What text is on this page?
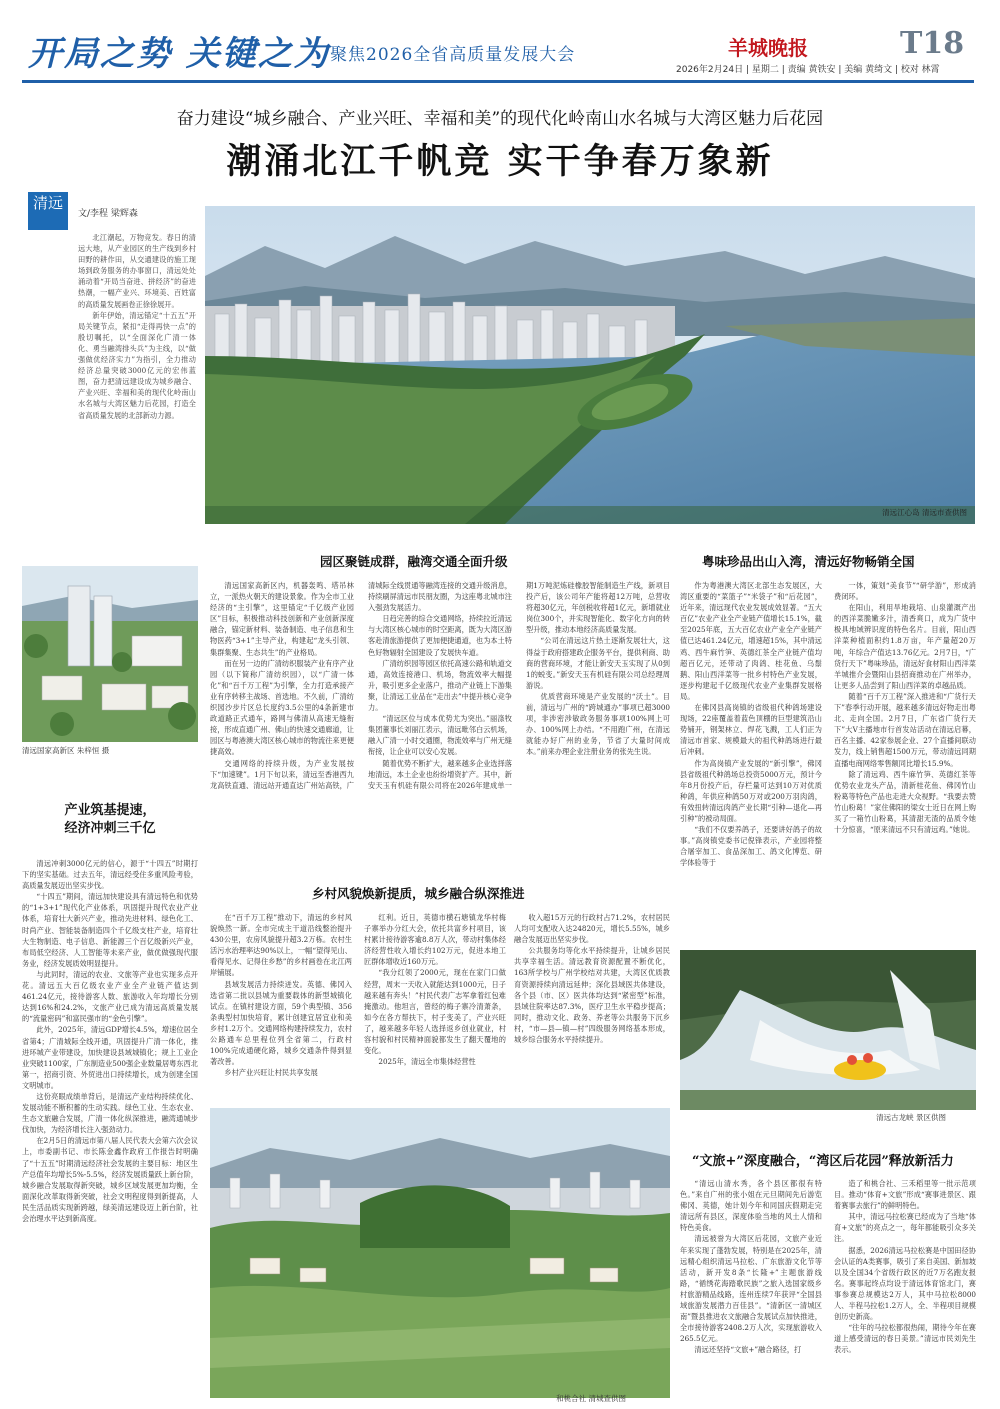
开局之势 关键之为 聚焦2026全省高质量发展大会	羊城晚报	T18
2026年2月24日 | 星期二 | 责编 黄铁安 | 美编 黄绮文 | 校对 林霄
奋力建设“城乡融合、产业兴旺、幸福和美”的现代化岭南山水名城与大湾区魅力后花园
潮涌北江千帆竞 实干争春万象新
清远
文/李程 梁辉森

北江潮起，万物竞发。春日的清远大地，从产业园区的生产线到乡村田野的耕作田，从交通建设的施工现场到政务服务的办事窗口，清远处处涌动着“开局当奋进、拼经济”的奋进热潮，一幅产业兴、环境美、百姓富的高质量发展画卷正徐徐展开。

新年伊始，清远锚定“十五五”开局关键节点，紧扣“走得再快一点”的殷切嘱托，以“全面深化广清一体化、勇当融湾排头兵”为主线，以“做强做优经济实力”为指引，全力推动经济总量突破3000亿元的宏伟蓝图，奋力把清远建设成为城乡融合、产业兴旺、幸福和美的现代化岭南山水名城与大湾区魅力后花园，打造全省高质量发展的北部新动力源。

清远江心岛 清远市查供图
园区聚链成群，融湾交通全面升级	粤味珍品出山入湾，清远好物畅销全国
清远国家高新区 朱梓恒 摄
产业筑基提速，
经济冲刺三千亿

清远冲刺3000亿元的信心，源于“十四五”时期打下的坚实基础。过去五年，清远经受住多重风险考验，高质量发展迈出坚实步伐。

“十四五”期间，清远加快建设具有清远特色和优势的“1+3+1”现代化产业体系，巩固提升现代农业产业体系，培育壮大新兴产业，推动先进材料、绿色化工、时尚产业、智能装备制造四个千亿级支柱产业，培育壮大生物制造、电子信息、新能源三个百亿级新兴产业，布局低空经济、人工智能等未来产业，做优做强现代服务业，经济发展质效明显提升。

与此同时，清远的农业、文旅等产业也实现多点开花。清远五大百亿级农业产业全产业链产值达到461.24亿元，接待游客人数、旅游收入年均增长分别达到16%和24.2%，文旅产业已成为清远高质量发展的“流量密码”和富民强市的“金色引擎”。

此外，2025年，清远GDP增长4.5%，增速位居全省第4；广清城际全线开通，巩固提升广清一体化，推进环城产业带建设，加快建设县域城镇化；规上工业企业突破1100家，广东制造业500强企业数量居粤东西北第一，招商引资、外贸进出口持续增长，成为创建全国文明城市。

这份亮眼成绩单背后，是清远产业结构持续优化、发展动能不断积蓄的生动实践。绿色工业、生态农业、生态文旅融合发展，广清一体化纵深推进，融湾通城步伐加快，为经济增长注入强劲动力。

在2月5日的清远市第八届人民代表大会第六次会议上，市委副书记、市长陈金鑫作政府工作报告时明确了“十五五”时期清远经济社会发展的主要目标：地区生产总值年均增长5%-5.5%，经济发展质量跃上新台阶，城乡融合发展取得新突破，城乡区域发展更加均衡，全面深化改革取得新突破，社会文明程度得到新提高，人民生活品质实现新跨越，绿美清远建设迈上新台阶，社会治理水平达到新高度。

清远国家高新区内，机器轰鸣、塔吊林立，一派热火朝天的建设景象。作为全市工业经济的“主引擎”，这里锚定“千亿级产业园区”目标，积极推动科技创新和产业创新深度融合，锚定新材料、装备制造、电子信息和生物医药“3+1”主导产业，构建起“龙头引领、集群集聚、生态共生”的产业格局。

而在另一边的广清纺织服装产业有序产业园（以下简称广清纺织园），以“广清一体化”和“百千万工程”为引擎，全力打造承接产业有序转移主战场、首选地。不久前，广清纺织园沙步片区总长度约3.5公里的4条新建市政道路正式通车，路网与佛清从高速无缝衔接，形成直通广州、佛山的快速交通廊道，让园区与粤港澳大湾区核心城市的物流往来更便捷高效。

交通网络的持续升级，为产业发展按下“加速键”。1月下旬以来，清远至香港西九龙高铁直通、清远站开通直达广州站高铁，广清城际全线贯通等融湾连接的交通升级消息，持续刷屏清远市民朋友圈，为这座粤北城市注入强劲发展活力。

日趋完善的综合交通网络，持续拉近清远与大湾区核心城市的时空距离，既为大湾区游客赴清旅游提供了更加便捷通道，也为本土特色好物辐射全国建设了发展快车道。

广清纺织园等园区依托高速公路和轨道交通，高效连接港口、机场，物流效率大幅提升，吸引更多企业落户，推动产业链上下游集聚，让清远工业品在“走出去”中提升核心竞争力。

“清远区位与成本优势尤为突出。”丽涤牧集团董事长刘丽江表示，清远毗邻白云机场，融入广清一小时交通圈，物流效率与广州无缝衔接，让企业可以安心发展。

随着优势不断扩大，越来越多企业选择落地清远，本土企业也纷纷增资扩产。其中，新安天玉有机硅有限公司将在2026年建成单一期1万吨泥炼硅橡胶智能制造生产线，新项目投产后，该公司年产能将超12万吨，总营收将超30亿元，年创税收将超1亿元，新增就业岗位300个，并实现智能化、数字化方向的转型升级，推动本地经济高质量发展。

“公司在清远这片热土逐渐发展壮大，这得益于政府搭建政企服务平台，提供利商、助商的营商环境，才能让新安天玉实现了从0到1的蜕变。”新安天玉有机硅有限公司总经理周游说。

优质营商环境是产业发展的“沃土”。目前，清远与广州的“跨城通办”事项已超3000项，非涉密涉敏政务服务事项100%网上可办、100%网上办结。“不用跑广州，在清远就能办好广州的业务，节省了大量时间成本。”前来办理企业注册业务的张先生说。

作为粤港澳大湾区北部生态发展区，大湾区重要的“菜篮子”“米袋子”和“后花园”，近年来，清远现代农业发展成效显著。“五大百亿”农业产业全产业链产值增长15.1%，截至2025年底，五大百亿农业产业全产业链产值已达461.24亿元，增速超15%，其中清远鸡、西牛麻竹笋、英德红茶全产业链产值均超百亿元，还带动了肉鸽、桂花鱼、乌鬃鹅、阳山西洋菜等一批乡村特色产业发展，逐步构建起千亿级现代农业产业集群发展格局。

在佛冈县高岗镇的省级祖代种鸽场建设现场，22座覆盖着蓝色顶棚的巨型建筑沿山势铺开，钢架林立、焊花飞溅，工人们正为清远市首家、规模最大的祖代种鸽场进行最后冲刺。

作为高岗镇产业发展的“新引擎”，佛冈县省级祖代种鸽场总投资5000万元，预计今年8月份投产后，存栏量可达到10万对优质种鸽，年供应种鸽50万对或200万羽肉鸽，有效扭转清远肉鸽产业长期“引种—退化—再引种”的被动局面。

“我们不仅要养鸽子，还要讲好鸽子的故事。”高岗镇党委书记倪锋表示，产业园将整合屠宰加工、食品深加工、鸽文化博览、研学体验等于

一体，策划“美食节”“研学游”，形成消费闭环。

在阳山，利用旱地栽培、山泉灌溉产出的西洋菜脆嫩多汁，清香爽口，成为广货中极具地域辨识度的特色名片。目前，阳山西洋菜种植面积约1.8万亩，年产量超20万吨，年综合产值达13.76亿元。2月7日，“广货行天下”粤味珍品，清远好食材阳山西洋菜羊城推介会暨阳山县招商推动在广州举办，让更多人品尝到了阳山西洋菜的卓越品质。

随着“百千万工程”深入推进和“广货行天下”春季行动开展，越来越多清远好物走出粤北、走向全国。2月7日，广东省广货行天下”大V主播地市行首发站活动在清远启幕，百名主播、42家参展企业、27个直播间联动发力，线上销售超1500万元，带动清远同期直播电商网络零售额同比增长15.9%。

除了清远鸡、西牛麻竹笋、英德红茶等优势农业龙头产品，清新桂花鱼、佛冈竹山粉葛等特色产品也走进大众视野。“我要去赞竹山粉葛！”家住佛阳的梁女士近日在网上购买了一箱竹山粉葛，其清甜无渣的品质令她十分惊喜，“原来清远不只有清远鸡。”她说。

乡村风貌焕新提质，城乡融合纵深推进

在“百千万工程”推动下，清远的乡村风貌焕然一新。全市完成主干道沿线整治提升430公里，农房风貌提升超3.2万栋。农村生活污水治理率达90%以上，一幅“望得见山、看得见水、记得住乡愁”的乡村画卷在北江两岸铺展。

县域发展活力持续迸发。英德、佛冈入选省第二批以县城为重要载体的新型城镇化试点。在镇村建设方面，59个典型镇、356条典型村加快培育，累计创建宜居宜业和美乡村1.2万个。交通网络构建持续发力，农村公路通车总里程位列全省第二，行政村100%完成通硬化路，城乡交通条件得到显著改善。

乡村产业兴旺让村民共享发展

红利。近日，英德市横石塘镇龙华村梅子寨举办分红大会，依托共富乡村项目，该村累计接待游客逾8.8万人次，带动村集体经济经营性收入增长约102万元，促进本地工匠群体增收近160万元。

“我分红领了2000元，现在在家门口做经营，周末一天收入就能达到1000元，日子越来越有奔头！”村民代表广志军拿着红包难掩激动。他坦言，曾经的梅子寨冷清萧条，如今在各方帮扶下，村子变美了，产业兴旺了，越来越多年轻人选择返乡创业就业，村容村貌和村民精神面貌都发生了翻天覆地的变化。

2025年，清远全市集体经营性

收入超15万元的行政村占71.2%，农村居民人均可支配收入达24820元，增长5.55%，城乡融合发展迈出坚实步伐。

公共服务均等化水平持续提升，让城乡居民共享幸福生活。清远教育资源配置不断优化，163所学校与广州学校结对共建，大湾区优质教育资源持续向清远延伸；深化县域医共体建设，各个县（市、区）医共体均达到“紧密型”标准，县域住院率达87.3%，医疗卫生水平稳步提高；同时，推动文化、政务、养老等公共服务下沉乡村，“市—县—镇—村”四级服务网络基本形成，城乡综合服务水平持续提升。

清远古龙峡 景区供图
和桃合社 清城查供图
“文旅+”深度融合，“湾区后花园”释放新活力

“清远山清水秀，各个县区都很有特色。”来自广州的张小姐在元旦期间先后游览佛冈、英德，她计划今年和同国庆假期走完清远所有县区，深度体验当地的风土人情和特色美食。

清远被誉为大湾区后花园，文旅产业近年来实现了蓬勃发展，特别是在2025年，清远精心组织清远马拉松、广东旅游文化节等活动，新开发8条“长隆+”主题旅游线路，“循绣花海踏歌民族”之旅入选国家级乡村旅游精品线路，连州连续7年获评“全国县域旅游发展潜力百佳县”。“清新区一清城区南”暨县推进农文旅融合发展试点加快推进，全市接待游客2408.2万人次，实现旅游收入265.5亿元。

清远还坚持“文旅+”融合路径，打

造了和桃合社、三禾稻里等一批示范项目。推动“体育+文旅”形成“赛事进景区、跟着赛事去旅行”的鲜明特色。

其中，清远马拉松赛已经成为了当地“体育+文旅”的亮点之一，每年都能吸引众多关注。

据悉，2026清远马拉松赛是中国田径协会认证的A类赛事，吸引了来自美国、新加坡以及全国34个省级行政区的近7万名跑友报名。赛事起终点均设于清远体育馆北门，赛事参赛总规模达2万人，其中马拉松8000人、半程马拉松1.2万人，全、半程项目规模创历史新高。

“往年的马拉松都很热闹，期待今年在赛道上感受清远的春日美景。”清远市民刘先生表示。
